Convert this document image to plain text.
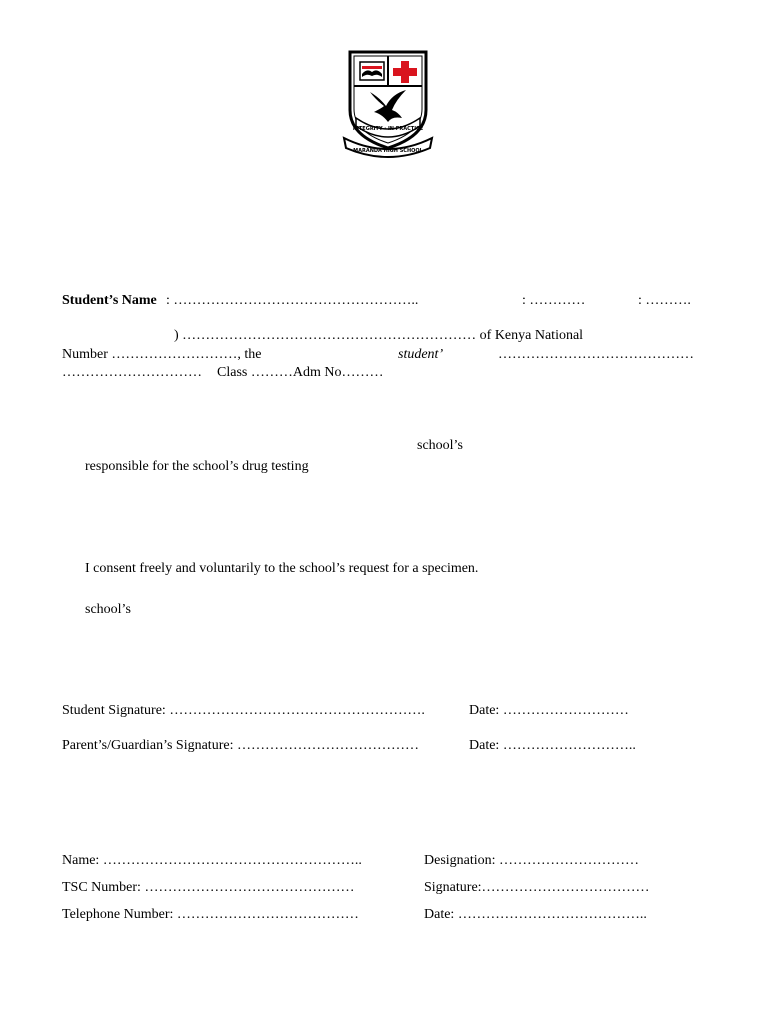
INTEGRITY · IN PRACTICE
MARANDA HIGH SCHOOL
Student’s Name : ……………………………………………..	: …………	: ……….
) ……………………………………………………… of Kenya National
Number ………………………, the	student’	……………………………………
………………………… Class ………Adm No………
school’s
responsible for the school’s drug testing
I consent freely and voluntarily to the school’s request for a specimen.
school’s
Student Signature: ……………………………………………….	Date: ………………………
Parent’s/Guardian’s Signature: …………………………………	Date: ………………………..
Name: ………………………………………………..	Designation: …………………………
TSC Number: ………………………………………	Signature:………………………………
Telephone Number: …………………………………	Date: …………………………………..
